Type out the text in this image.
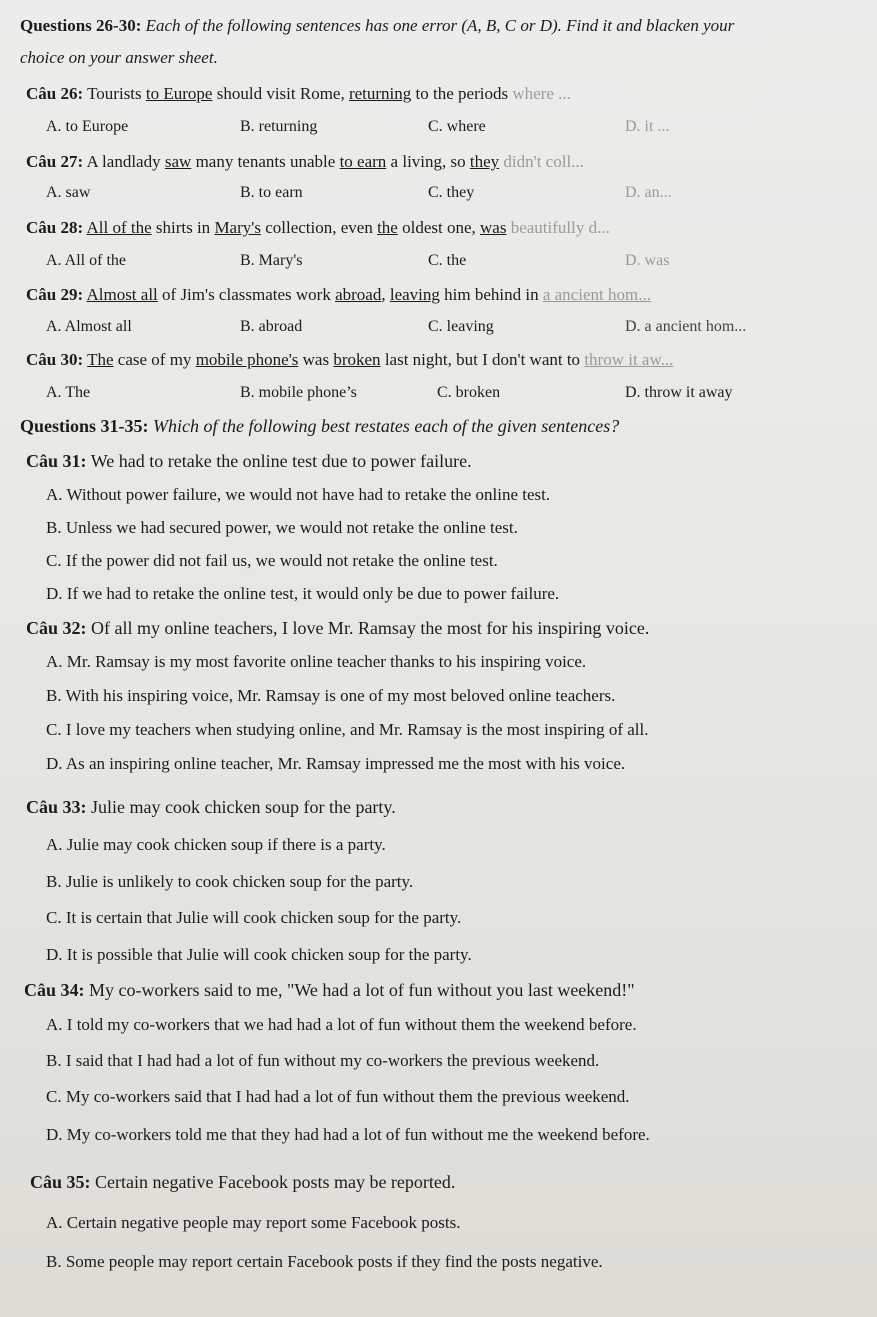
Questions 26-30: Each of the following sentences has one error (A, B, C or D). Find it and blacken your
choice on your answer sheet.
Câu 26: Tourists to Europe should visit Rome, returning to the periods where ...
A. to Europe	B. returning	C. where	D. it ...
Câu 27: A landlady saw many tenants unable to earn a living, so they didn't coll...
A. saw	B. to earn	C. they	D. an...
Câu 28: All of the shirts in Mary's collection, even the oldest one, was beautifully d...
A. All of the	B. Mary's	C. the	D. was
Câu 29: Almost all of Jim's classmates work abroad, leaving him behind in a ancient hom...
A. Almost all	B. abroad	C. leaving	D. a ancient hom...
Câu 30: The case of my mobile phone's was broken last night, but I don't want to throw it aw...
A. The	B. mobile phone’s	C. broken	D. throw it away
Questions 31-35: Which of the following best restates each of the given sentences?
Câu 31: We had to retake the online test due to power failure.
A. Without power failure, we would not have had to retake the online test.
B. Unless we had secured power, we would not retake the online test.
C. If the power did not fail us, we would not retake the online test.
D. If we had to retake the online test, it would only be due to power failure.
Câu 32: Of all my online teachers, I love Mr. Ramsay the most for his inspiring voice.
A. Mr. Ramsay is my most favorite online teacher thanks to his inspiring voice.
B. With his inspiring voice, Mr. Ramsay is one of my most beloved online teachers.
C. I love my teachers when studying online, and Mr. Ramsay is the most inspiring of all.
D. As an inspiring online teacher, Mr. Ramsay impressed me the most with his voice.
Câu 33: Julie may cook chicken soup for the party.
A. Julie may cook chicken soup if there is a party.
B. Julie is unlikely to cook chicken soup for the party.
C. It is certain that Julie will cook chicken soup for the party.
D. It is possible that Julie will cook chicken soup for the party.
Câu 34: My co-workers said to me, "We had a lot of fun without you last weekend!"
A. I told my co-workers that we had had a lot of fun without them the weekend before.
B. I said that I had had a lot of fun without my co-workers the previous weekend.
C. My co-workers said that I had had a lot of fun without them the previous weekend.
D. My co-workers told me that they had had a lot of fun without me the weekend before.
Câu 35: Certain negative Facebook posts may be reported.
A. Certain negative people may report some Facebook posts.
B. Some people may report certain Facebook posts if they find the posts negative.
